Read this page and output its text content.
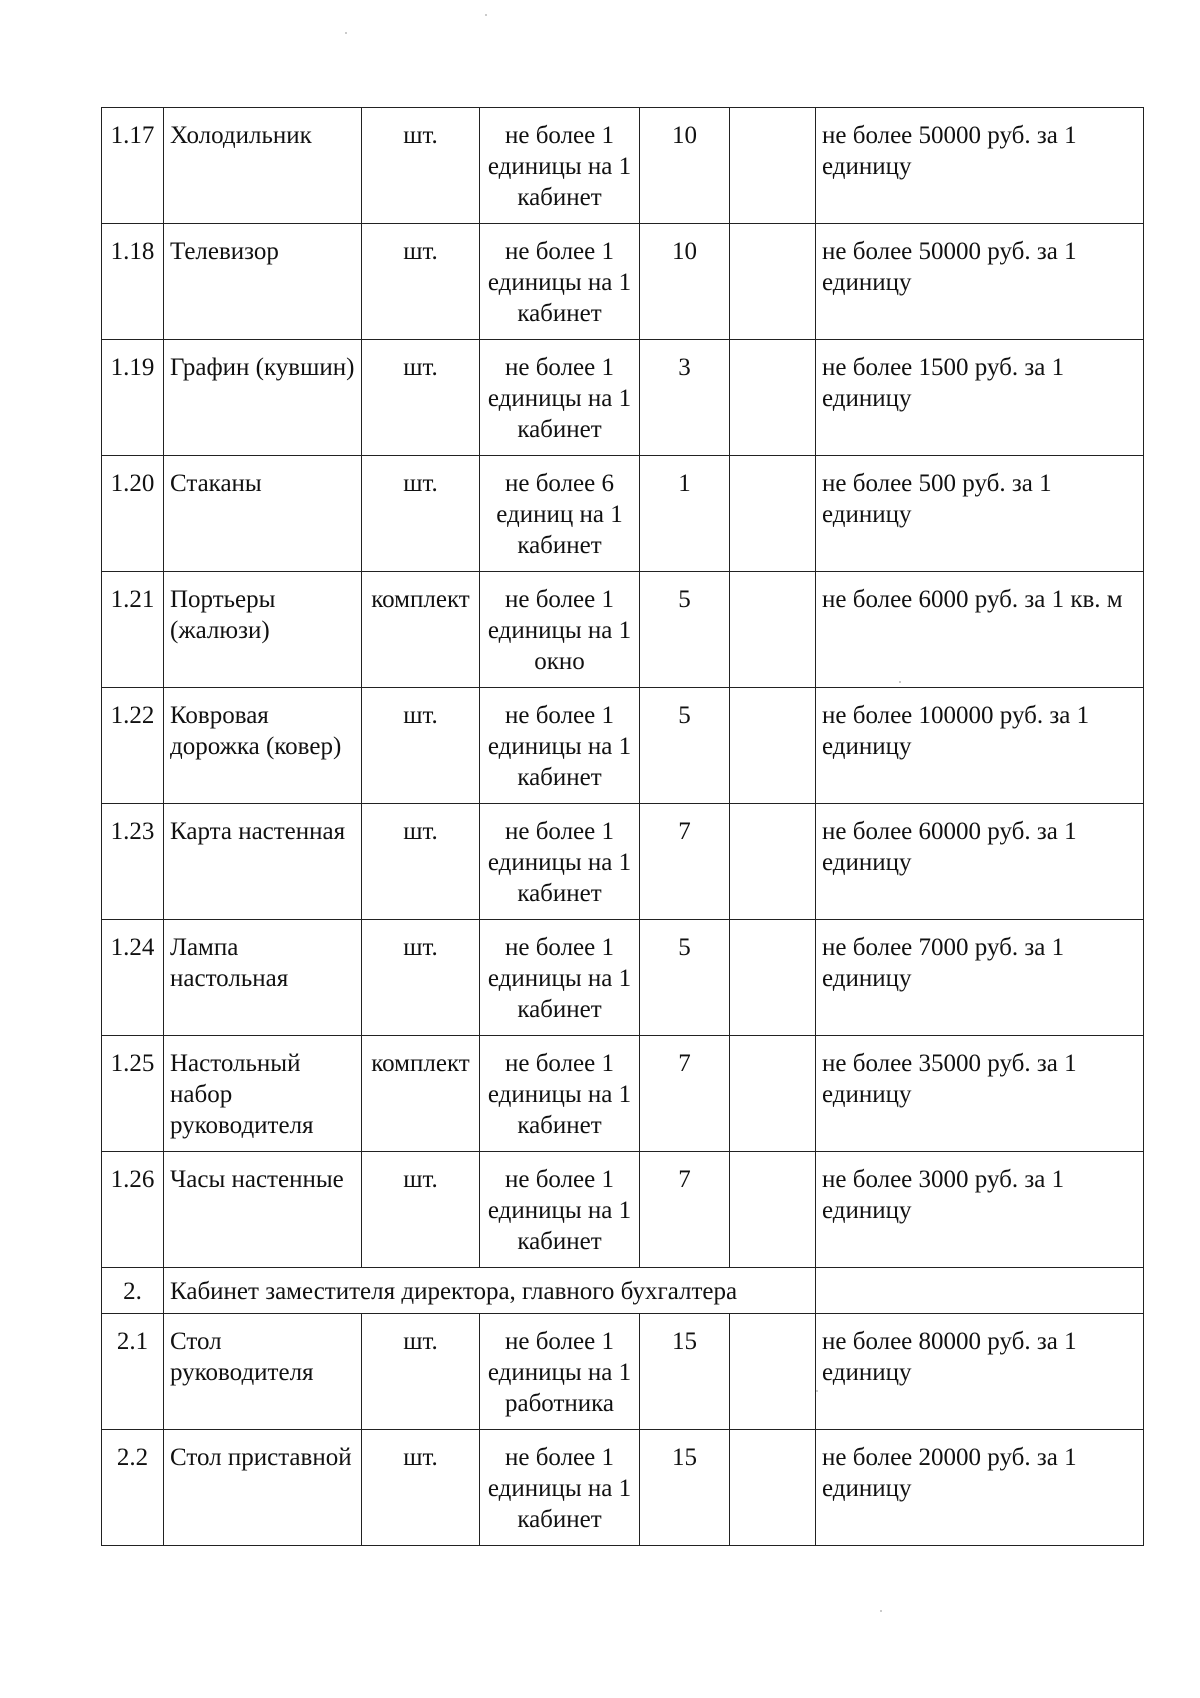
1.17	Холодильник	шт.	не более 1 единицы на 1 кабинет	10		не более 50000 руб. за 1 единицу

1.18	Телевизор	шт.	не более 1 единицы на 1 кабинет	10		не более 50000 руб. за 1 единицу

1.19	Графин (кувшин)	шт.	не более 1 единицы на 1 кабинет	3		не более 1500 руб. за 1 единицу

1.20	Стаканы	шт.	не более 6 единиц на 1 кабинет	1		не более 500 руб. за 1 единицу

1.21	Портьеры (жалюзи)	комплект	не более 1 единицы на 1 окно	5		не более 6000 руб. за 1 кв. м

1.22	Ковровая дорожка (ковер)	шт.	не более 1 единицы на 1 кабинет	5		не более 100000 руб. за 1 единицу

1.23	Карта настенная	шт.	не более 1 единицы на 1 кабинет	7		не более 60000 руб. за 1 единицу

1.24	Лампа настольная	шт.	не более 1 единицы на 1 кабинет	5		не более 7000 руб. за 1 единицу

1.25	Настольный набор руководителя	комплект	не более 1 единицы на 1 кабинет	7		не более 35000 руб. за 1 единицу

1.26	Часы настенные	шт.	не более 1 единицы на 1 кабинет	7		не более 3000 руб. за 1 единицу

2.	Кабинет заместителя директора, главного бухгалтера					

2.1	Стол руководителя	шт.	не более 1 единицы на 1 работника	15		не более 80000 руб. за 1 единицу

2.2	Стол приставной	шт.	не более 1 единицы на 1 кабинет	15		не более 20000 руб. за 1 единицу
